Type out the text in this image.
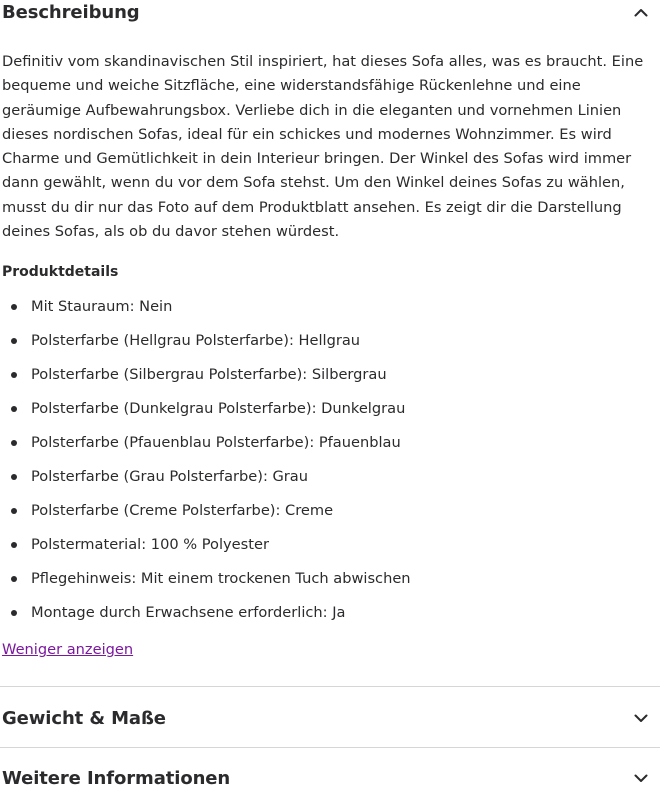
Beschreibung

Definitiv vom skandinavischen Stil inspiriert, hat dieses Sofa alles, was es braucht. Eine bequeme und weiche Sitzfläche, eine widerstandsfähige Rückenlehne und eine geräumige Aufbewahrungsbox. Verliebe dich in die eleganten und vornehmen Linien dieses nordischen Sofas, ideal für ein schickes und modernes Wohnzimmer. Es wird Charme und Gemütlichkeit in dein Interieur bringen. Der Winkel des Sofas wird immer dann gewählt, wenn du vor dem Sofa stehst. Um den Winkel deines Sofas zu wählen, musst du dir nur das Foto auf dem Produktblatt ansehen. Es zeigt dir die Darstellung deines Sofas, als ob du davor stehen würdest.

Produktdetails
Mit Stauraum: Nein
Polsterfarbe (Hellgrau Polsterfarbe): Hellgrau
Polsterfarbe (Silbergrau Polsterfarbe): Silbergrau
Polsterfarbe (Dunkelgrau Polsterfarbe): Dunkelgrau
Polsterfarbe (Pfauenblau Polsterfarbe): Pfauenblau
Polsterfarbe (Grau Polsterfarbe): Grau
Polsterfarbe (Creme Polsterfarbe): Creme
Polstermaterial: 100 % Polyester
Pflegehinweis: Mit einem trockenen Tuch abwischen
Montage durch Erwachsene erforderlich: Ja
Weniger anzeigen
Gewicht & Maße
Weitere Informationen
